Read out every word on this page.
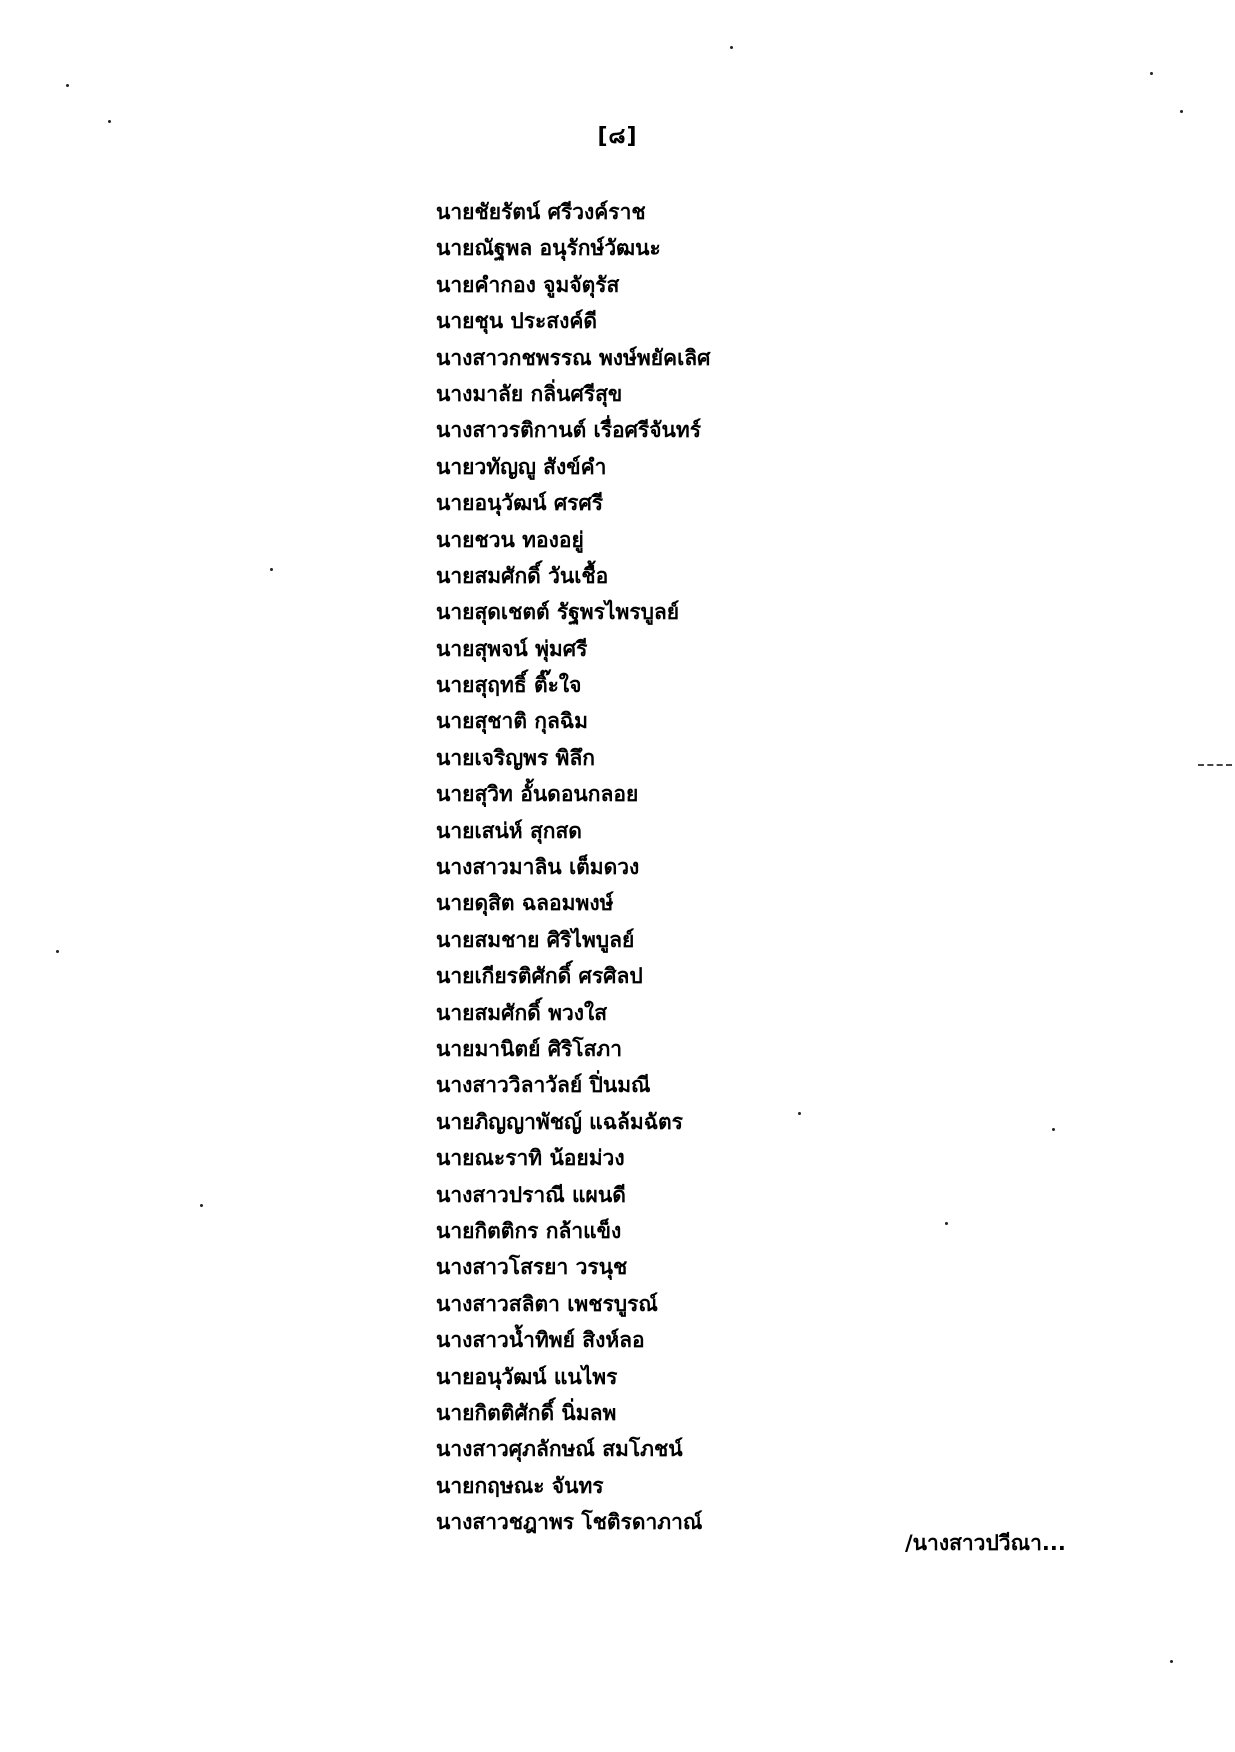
[๘]
นายชัยรัตน์ ศรีวงค์ราช
นายณัฐพล อนุรักษ์วัฒนะ
นายคำกอง จูมจัตุรัส
นายชุน ประสงค์ดี
นางสาวกชพรรณ พงษ์พยัคเลิศ
นางมาลัย กลิ่นศรีสุข
นางสาวรติกานต์ เรื่อศรีจันทร์
นายวทัญญู สังข์คำ
นายอนุวัฒน์ ศรศรี
นายชวน ทองอยู่
นายสมศักดิ์ วันเชื้อ
นายสุดเชตต์ รัฐพรไพรบูลย์
นายสุพจน์ พุ่มศรี
นายสุฤทธิ์ ติ๊ะใจ
นายสุชาติ กุลฉิม
นายเจริญพร พิลึก
นายสุวิท อั้นดอนกลอย
นายเสน่ห์ สุกสด
นางสาวมาลิน เต็มดวง
นายดุสิต ฉลอมพงษ์
นายสมชาย ศิริไพบูลย์
นายเกียรติศักดิ์ ศรศิลป
นายสมศักดิ์ พวงใส
นายมานิตย์ ศิริโสภา
นางสาววิลาวัลย์ ปิ่นมณี
นายภิญญาพัชญ์ แฉล้มฉัตร
นายณะราทิ น้อยม่วง
นางสาวปราณี แผนดี
นายกิตติกร กล้าแข็ง
นางสาวโสรยา วรนุช
นางสาวสลิตา เพชรบูรณ์
นางสาวน้ำทิพย์ สิงห์ลอ
นายอนุวัฒน์ แนไพร
นายกิตติศักดิ์ นิ่มลพ
นางสาวศุภลักษณ์ สมโภชน์
นายกฤษณะ จันทร
นางสาวชฎาพร โชติรดาภาณ์
/นางสาวปวีณา...
